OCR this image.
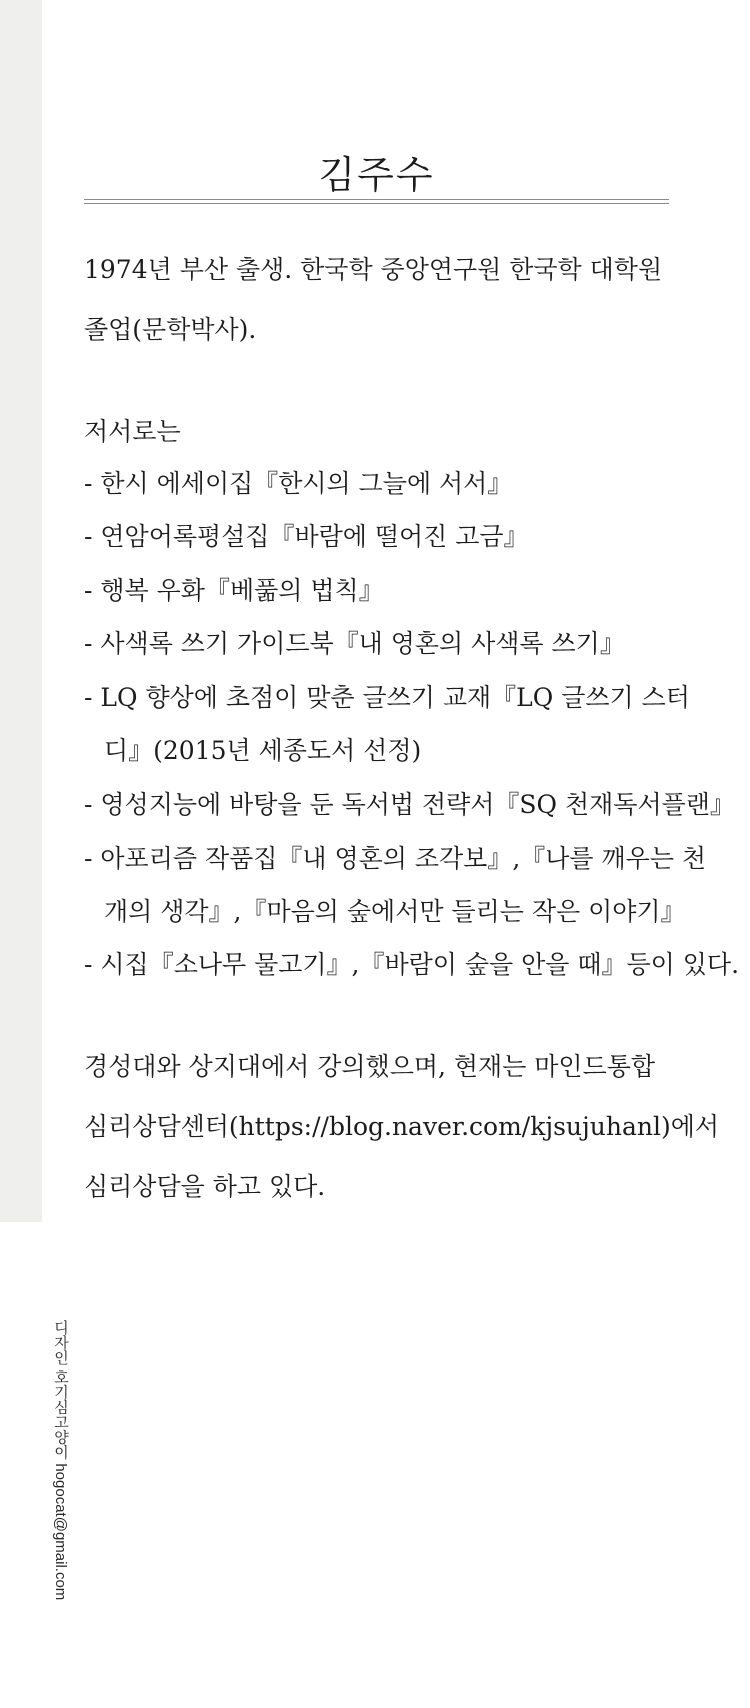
김주수
1974년 부산 출생. 한국학 중앙연구원 한국학 대학원
졸업(문학박사).
저서로는
- 한시 에세이집『한시의 그늘에 서서』
- 연암어록평설집『바람에 떨어진 고금』
- 행복 우화『베풂의 법칙』
- 사색록 쓰기 가이드북『내 영혼의 사색록 쓰기』
- LQ 향상에 초점이 맞춘 글쓰기 교재『LQ 글쓰기 스터
디』(2015년 세종도서 선정)
- 영성지능에 바탕을 둔 독서법 전략서『SQ 천재독서플랜』
- 아포리즘 작품집『내 영혼의 조각보』,『나를 깨우는 천
개의 생각』,『마음의 숲에서만 들리는 작은 이야기』
- 시집『소나무 물고기』,『바람이 숲을 안을 때』등이 있다.
경성대와 상지대에서 강의했으며, 현재는 마인드통합
심리상담센터(https://blog.naver.com/kjsujuhanl)에서
심리상담을 하고 있다.
디자인 호기심고양이 hogocat@gmail.com
